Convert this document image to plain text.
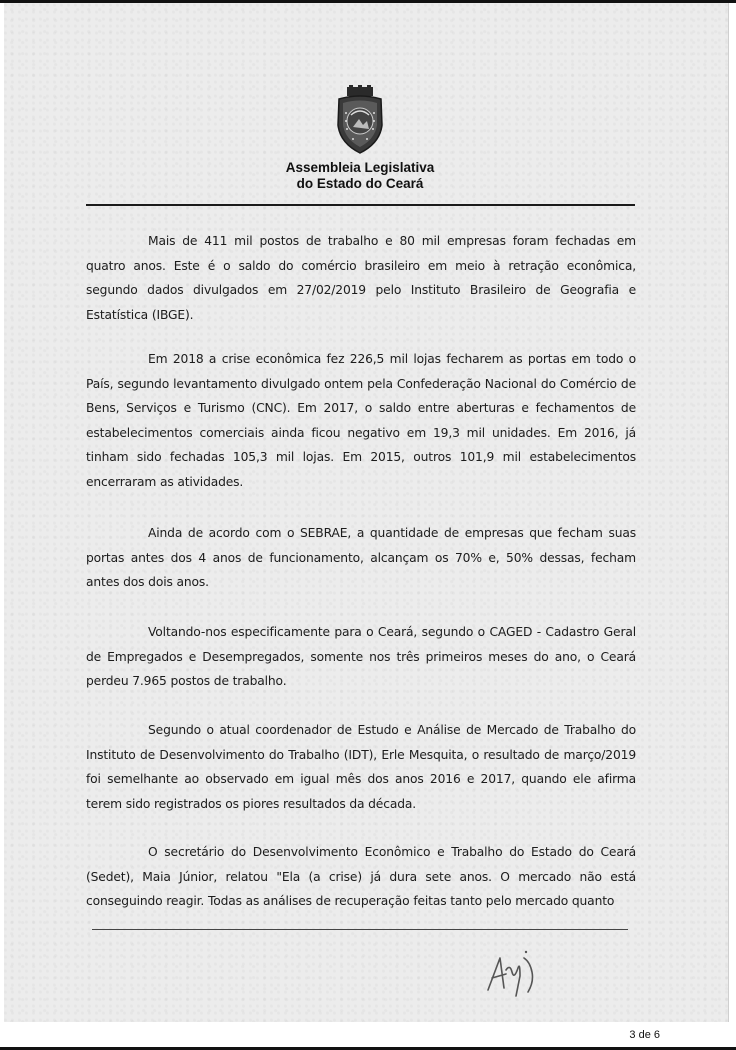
Assembleia Legislativa
do Estado do Ceará

Mais de 411 mil postos de trabalho e 80 mil empresas foram fechadas em quatro anos. Este é o saldo do comércio brasileiro em meio à retração econômica, segundo dados divulgados em 27/02/2019 pelo Instituto Brasileiro de Geografia e Estatística (IBGE).

Em 2018 a crise econômica fez 226,5 mil lojas fecharem as portas em todo o País, segundo levantamento divulgado ontem pela Confederação Nacional do Comércio de Bens, Serviços e Turismo (CNC). Em 2017, o saldo entre aberturas e fechamentos de estabelecimentos comerciais ainda ficou negativo em 19,3 mil unidades. Em 2016, já tinham sido fechadas 105,3 mil lojas. Em 2015, outros 101,9 mil estabelecimentos encerraram as atividades.

Ainda de acordo com o SEBRAE, a quantidade de empresas que fecham suas portas antes dos 4 anos de funcionamento, alcançam os 70% e, 50% dessas, fecham antes dos dois anos.

Voltando-nos especificamente para o Ceará, segundo o CAGED - Cadastro Geral de Empregados e Desempregados, somente nos três primeiros meses do ano, o Ceará perdeu 7.965 postos de trabalho.

Segundo o atual coordenador de Estudo e Análise de Mercado de Trabalho do Instituto de Desenvolvimento do Trabalho (IDT), Erle Mesquita, o resultado de março/2019 foi semelhante ao observado em igual mês dos anos 2016 e 2017, quando ele afirma terem sido registrados os piores resultados da década.

O secretário do Desenvolvimento Econômico e Trabalho do Estado do Ceará (Sedet), Maia Júnior, relatou "Ela (a crise) já dura sete anos. O mercado não está conseguindo reagir. Todas as análises de recuperação feitas tanto pelo mercado quanto

3 de 6
